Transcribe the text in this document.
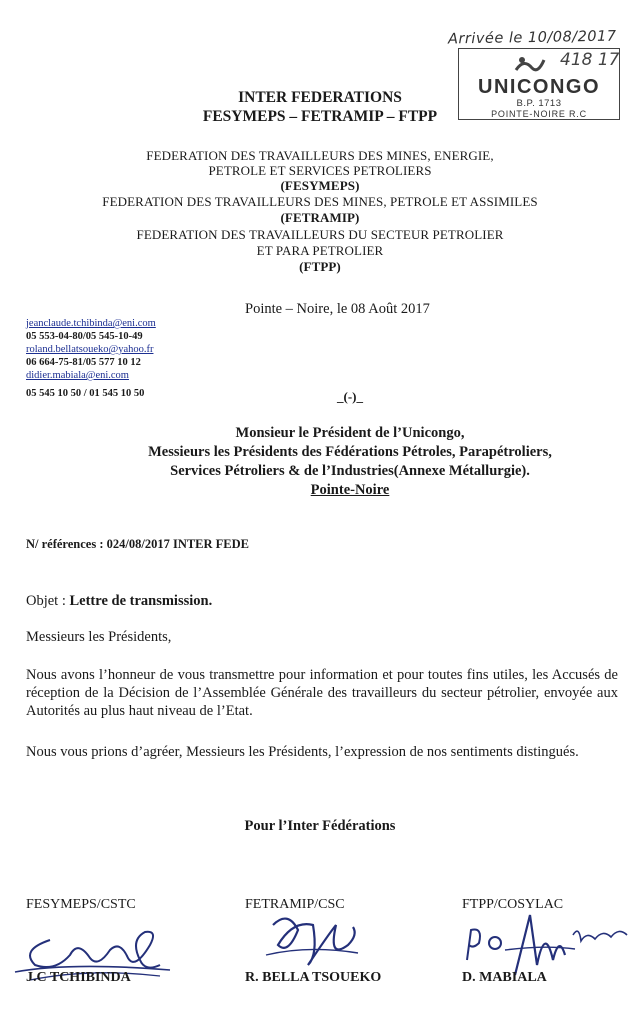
Arrivée le 10/08/2017
418 17
UNICONGO
B.P. 1713
POINTE-NOIRE R.C
INTER FEDERATIONS
FESYMEPS – FETRAMIP – FTPP
FEDERATION DES TRAVAILLEURS DES MINES, ENERGIE,
PETROLE ET SERVICES PETROLIERS
(FESYMEPS)
FEDERATION DES TRAVAILLEURS DES MINES, PETROLE ET ASSIMILES
(FETRAMIP)
FEDERATION DES TRAVAILLEURS DU SECTEUR PETROLIER
ET PARA PETROLIER
(FTPP)
Pointe – Noire, le 08 Août 2017
jeanclaude.tchibinda@eni.com
05 553-04-80/05 545-10-49
roland.bellatsoueko@yahoo.fr
06 664-75-81/05 577 10 12
didier.mabiala@eni.com
05 545 10 50 / 01 545 10 50	_(-)_
Monsieur le Président de l’Unicongo,
Messieurs les Présidents des Fédérations Pétroles, Parapétroliers,
Services Pétroliers & de l’Industries(Annexe Métallurgie).
Pointe-Noire
N/ références : 024/08/2017 INTER FEDE
Objet : Lettre de transmission.
Messieurs les Présidents,
Nous avons l’honneur de vous transmettre pour information et pour toutes fins utiles, les Accusés de réception de la Décision de l’Assemblée Générale des travailleurs du secteur pétrolier, envoyée aux Autorités au plus haut niveau de l’Etat.
Nous vous prions d’agréer, Messieurs les Présidents, l’expression de nos sentiments distingués.
Pour l’Inter Fédérations
FESYMEPS/CSTC	FETRAMIP/CSC	FTPP/COSYLAC
J.C TCHIBINDA	R. BELLA TSOUEKO	D. MABIALA
